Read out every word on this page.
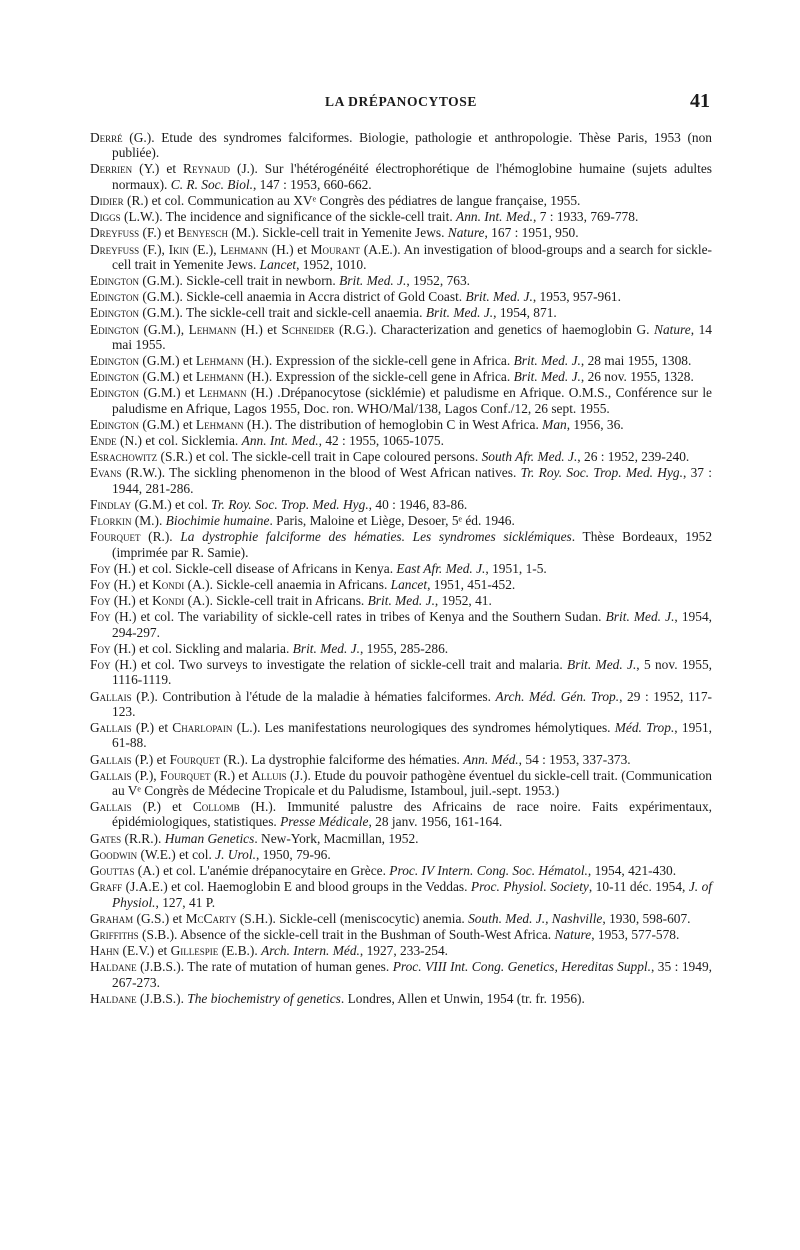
LA DRÉPANOCYTOSE	41
Derré (G.). Etude des syndromes falciformes. Biologie, pathologie et anthropologie. Thèse Paris, 1953 (non publiée).
Derrien (Y.) et Reynaud (J.). Sur l'hétérogénéité électrophorétique de l'hémoglobine humaine (sujets adultes normaux). C. R. Soc. Biol., 147 : 1953, 660-662.
Didier (R.) et col. Communication au XVᵉ Congrès des pédiatres de langue française, 1955.
Diggs (L.W.). The incidence and significance of the sickle-cell trait. Ann. Int. Med., 7 : 1933, 769-778.
Dreyfuss (F.) et Benyesch (M.). Sickle-cell trait in Yemenite Jews. Nature, 167 : 1951, 950.
Dreyfuss (F.), Ikin (E.), Lehmann (H.) et Mourant (A.E.). An investigation of blood-groups and a search for sickle-cell trait in Yemenite Jews. Lancet, 1952, 1010.
Edington (G.M.). Sickle-cell trait in newborn. Brit. Med. J., 1952, 763.
Edington (G.M.). Sickle-cell anaemia in Accra district of Gold Coast. Brit. Med. J., 1953, 957-961.
Edington (G.M.). The sickle-cell trait and sickle-cell anaemia. Brit. Med. J., 1954, 871.
Edington (G.M.), Lehmann (H.) et Schneider (R.G.). Characterization and genetics of haemoglobin G. Nature, 14 mai 1955.
Edington (G.M.) et Lehmann (H.). Expression of the sickle-cell gene in Africa. Brit. Med. J., 28 mai 1955, 1308.
Edington (G.M.) et Lehmann (H.). Expression of the sickle-cell gene in Africa. Brit. Med. J., 26 nov. 1955, 1328.
Edington (G.M.) et Lehmann (H.) .Drépanocytose (sicklémie) et paludisme en Afrique. O.M.S., Conférence sur le paludisme en Afrique, Lagos 1955, Doc. ron. WHO/Mal/138, Lagos Conf./12, 26 sept. 1955.
Edington (G.M.) et Lehmann (H.). The distribution of hemoglobin C in West Africa. Man, 1956, 36.
Ende (N.) et col. Sicklemia. Ann. Int. Med., 42 : 1955, 1065-1075.
Esrachowitz (S.R.) et col. The sickle-cell trait in Cape coloured persons. South Afr. Med. J., 26 : 1952, 239-240.
Evans (R.W.). The sickling phenomenon in the blood of West African natives. Tr. Roy. Soc. Trop. Med. Hyg., 37 : 1944, 281-286.
Findlay (G.M.) et col. Tr. Roy. Soc. Trop. Med. Hyg., 40 : 1946, 83-86.
Florkin (M.). Biochimie humaine. Paris, Maloine et Liège, Desoer, 5ᵉ éd. 1946.
Fourquet (R.). La dystrophie falciforme des hématies. Les syndromes sicklémiques. Thèse Bordeaux, 1952 (imprimée par R. Samie).
Foy (H.) et col. Sickle-cell disease of Africans in Kenya. East Afr. Med. J., 1951, 1-5.
Foy (H.) et Kondi (A.). Sickle-cell anaemia in Africans. Lancet, 1951, 451-452.
Foy (H.) et Kondi (A.). Sickle-cell trait in Africans. Brit. Med. J., 1952, 41.
Foy (H.) et col. The variability of sickle-cell rates in tribes of Kenya and the Southern Sudan. Brit. Med. J., 1954, 294-297.
Foy (H.) et col. Sickling and malaria. Brit. Med. J., 1955, 285-286.
Foy (H.) et col. Two surveys to investigate the relation of sickle-cell trait and malaria. Brit. Med. J., 5 nov. 1955, 1116-1119.
Gallais (P.). Contribution à l'étude de la maladie à hématies falciformes. Arch. Méd. Gén. Trop., 29 : 1952, 117-123.
Gallais (P.) et Charlopain (L.). Les manifestations neurologiques des syndromes hémolytiques. Méd. Trop., 1951, 61-88.
Gallais (P.) et Fourquet (R.). La dystrophie falciforme des hématies. Ann. Méd., 54 : 1953, 337-373.
Gallais (P.), Fourquet (R.) et Alluis (J.). Etude du pouvoir pathogène éventuel du sickle-cell trait. (Communication au Vᵉ Congrès de Médecine Tropicale et du Paludisme, Istamboul, juil.-sept. 1953.)
Gallais (P.) et Collomb (H.). Immunité palustre des Africains de race noire. Faits expérimentaux, épidémiologiques, statistiques. Presse Médicale, 28 janv. 1956, 161-164.
Gates (R.R.). Human Genetics. New-York, Macmillan, 1952.
Goodwin (W.E.) et col. J. Urol., 1950, 79-96.
Gouttas (A.) et col. L'anémie drépanocytaire en Grèce. Proc. IV Intern. Cong. Soc. Hématol., 1954, 421-430.
Graff (J.A.E.) et col. Haemoglobin E and blood groups in the Veddas. Proc. Physiol. Society, 10-11 déc. 1954, J. of Physiol., 127, 41 P.
Graham (G.S.) et McCarty (S.H.). Sickle-cell (meniscocytic) anemia. South. Med. J., Nashville, 1930, 598-607.
Griffiths (S.B.). Absence of the sickle-cell trait in the Bushman of South-West Africa. Nature, 1953, 577-578.
Hahn (E.V.) et Gillespie (E.B.). Arch. Intern. Méd., 1927, 233-254.
Haldane (J.B.S.). The rate of mutation of human genes. Proc. VIII Int. Cong. Genetics, Hereditas Suppl., 35 : 1949, 267-273.
Haldane (J.B.S.). The biochemistry of genetics. Londres, Allen et Unwin, 1954 (tr. fr. 1956).
